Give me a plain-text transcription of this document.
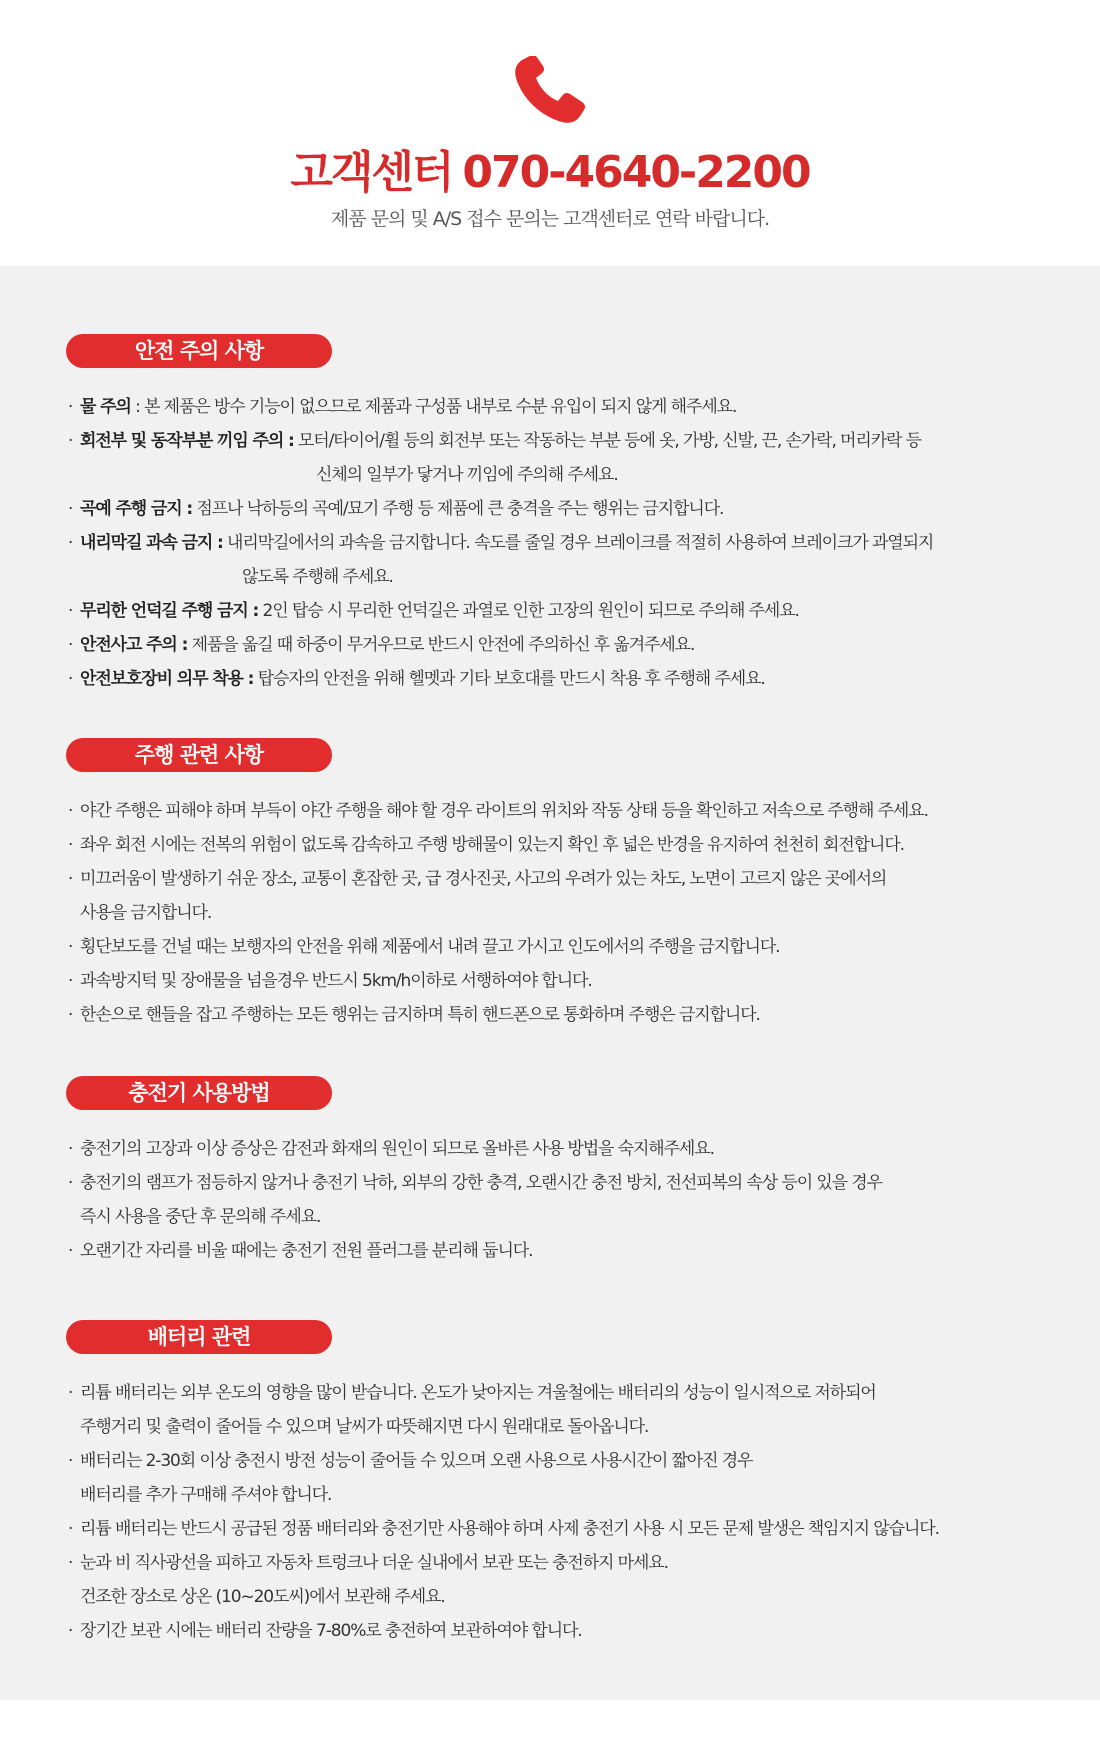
고객센터 070-4640-2200
제품 문의 및 A/S 접수 문의는 고객센터로 연락 바랍니다.
안전 주의 사항
· 물 주의 : 본 제품은 방수 기능이 없으므로 제품과 구성품 내부로 수분 유입이 되지 않게 해주세요.
· 회전부 및 동작부분 끼임 주의 : 모터/타이어/휠 등의 회전부 또는 작동하는 부분 등에 옷, 가방, 신발, 끈, 손가락, 머리카락 등
신체의 일부가 닿거나 끼임에 주의해 주세요.
· 곡예 주행 금지 : 점프나 낙하등의 곡예/묘기 주행 등 제품에 큰 충격을 주는 행위는 금지합니다.
· 내리막길 과속 금지 : 내리막길에서의 과속을 금지합니다. 속도를 줄일 경우 브레이크를 적절히 사용하여 브레이크가 과열되지
않도록 주행해 주세요.
· 무리한 언덕길 주행 금지 : 2인 탑승 시 무리한 언덕길은 과열로 인한 고장의 원인이 되므로 주의해 주세요.
· 안전사고 주의 : 제품을 옮길 때 하중이 무거우므로 반드시 안전에 주의하신 후 옮겨주세요.
· 안전보호장비 의무 착용 : 탑승자의 안전을 위해 헬멧과 기타 보호대를 만드시 착용 후 주행해 주세요.
주행 관련 사항
· 야간 주행은 피해야 하며 부득이 야간 주행을 해야 할 경우 라이트의 위치와 작동 상태 등을 확인하고 저속으로 주행해 주세요.
· 좌우 회전 시에는 전복의 위험이 없도록 감속하고 주행 방해물이 있는지 확인 후 넓은 반경을 유지하여 천천히 회전합니다.
· 미끄러움이 발생하기 쉬운 장소, 교통이 혼잡한 곳, 급 경사진곳, 사고의 우려가 있는 차도, 노면이 고르지 않은 곳에서의
사용을 금지합니다.
· 횡단보도를 건널 때는 보행자의 안전을 위해 제품에서 내려 끌고 가시고 인도에서의 주행을 금지합니다.
· 과속방지턱 및 장애물을 넘을경우 반드시 5km/h이하로 서행하여야 합니다.
· 한손으로 핸들을 잡고 주행하는 모든 행위는 금지하며 특히 핸드폰으로 통화하며 주행은 금지합니다.
충전기 사용방법
· 충전기의 고장과 이상 증상은 감전과 화재의 원인이 되므로 올바른 사용 방법을 숙지해주세요.
· 충전기의 램프가 점등하지 않거나 충전기 낙하, 외부의 강한 충격, 오랜시간 충전 방치, 전선피복의 속상 등이 있을 경우
즉시 사용을 중단 후 문의해 주세요.
· 오랜기간 자리를 비울 때에는 충전기 전원 플러그를 분리해 둡니다.
배터리 관련
· 리튬 배터리는 외부 온도의 영향을 많이 받습니다. 온도가 낮아지는 겨울철에는 배터리의 성능이 일시적으로 저하되어
주행거리 및 출력이 줄어들 수 있으며 날씨가 따뜻해지면 다시 원래대로 돌아옵니다.
· 배터리는 2-30회 이상 충전시 방전 성능이 줄어들 수 있으며 오랜 사용으로 사용시간이 짧아진 경우
배터리를 추가 구매해 주셔야 합니다.
· 리튬 배터리는 반드시 공급된 정품 배터리와 충전기만 사용해야 하며 사제 충전기 사용 시 모든 문제 발생은 책임지지 않습니다.
· 눈과 비 직사광선을 피하고 자동차 트렁크나 더운 실내에서 보관 또는 충전하지 마세요.
건조한 장소로 상온 (10~20도씨)에서 보관해 주세요.
· 장기간 보관 시에는 배터리 잔량을 7-80%로 충전하여 보관하여야 합니다.
